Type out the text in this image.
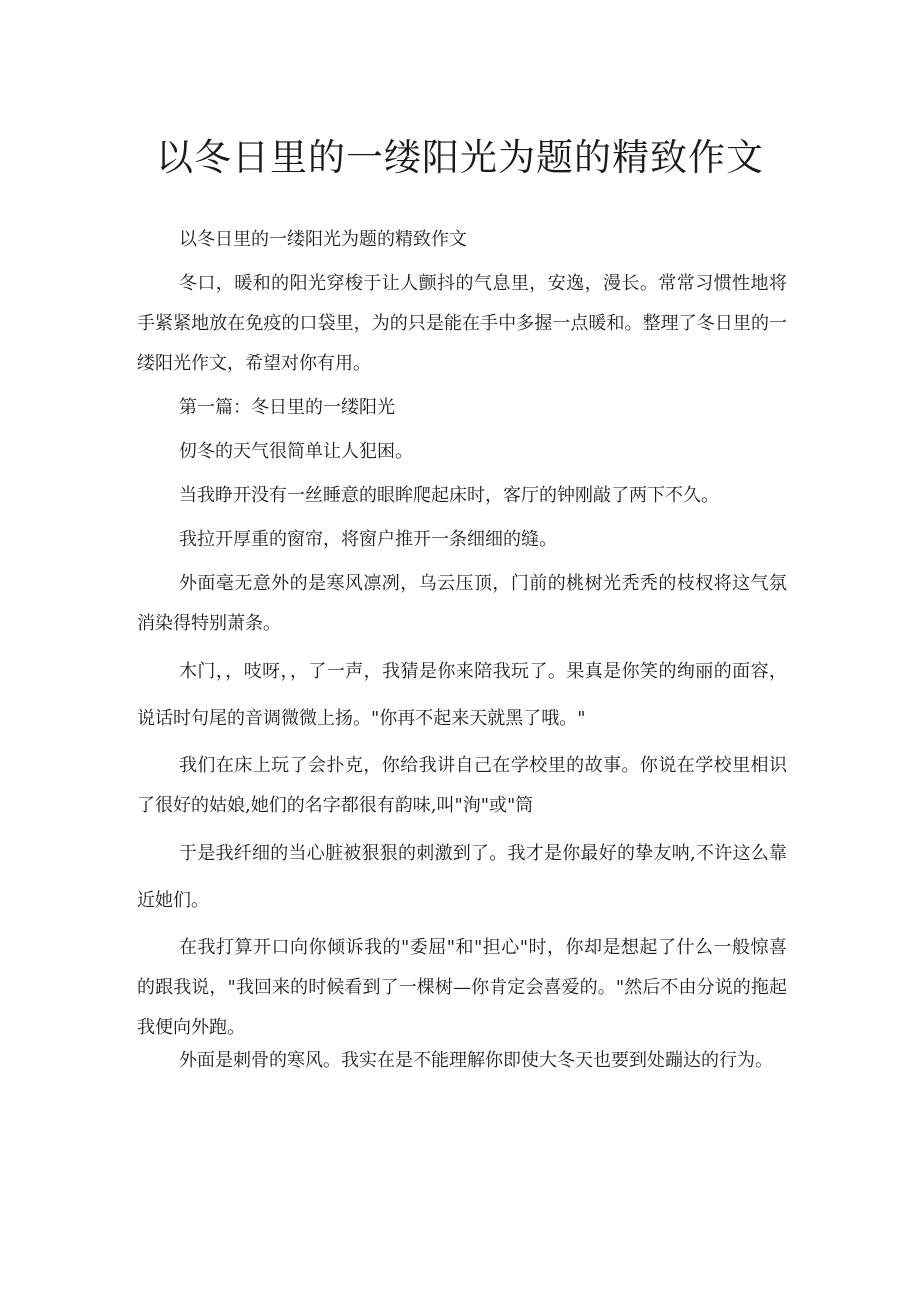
以冬日里的一缕阳光为题的精致作文

以冬日里的一缕阳光为题的精致作文

冬口，暖和的阳光穿梭于让人颤抖的气息里，安逸，漫长。常常习惯性地将手紧紧地放在免疫的口袋里，为的只是能在手中多握一点暖和。整理了冬日里的一缕阳光作文，希望对你有用。

第一篇：冬日里的一缕阳光

仞冬的天气很简单让人犯困。

当我睁开没有一丝睡意的眼眸爬起床时，客厅的钟刚敲了两下不久。

我拉开厚重的窗帘，将窗户推开一条细细的缝。

外面毫无意外的是寒风凛冽，乌云压顶，门前的桃树光秃秃的枝杈将这气氛消染得特别萧条。

木门，，吱呀，，了一声，我猜是你来陪我玩了。果真是你笑的绚丽的面容，说话时句尾的音调微微上扬。"你再不起来天就黑了哦。"

我们在床上玩了会扑克，你给我讲自己在学校里的故事。你说在学校里相识了很好的姑娘,她们的名字都很有韵味,叫"洵"或"筒

于是我纤细的当心脏被狠狠的刺激到了。我才是你最好的挚友呐,不许这么靠近她们。

在我打算开口向你倾诉我的"委屈"和"担心"时，你却是想起了什么一般惊喜的跟我说，"我回来的时候看到了一棵树—你肯定会喜爱的。"然后不由分说的拖起我便向外跑。

外面是刺骨的寒风。我实在是不能理解你即使大冬天也要到处蹦达的行为。
